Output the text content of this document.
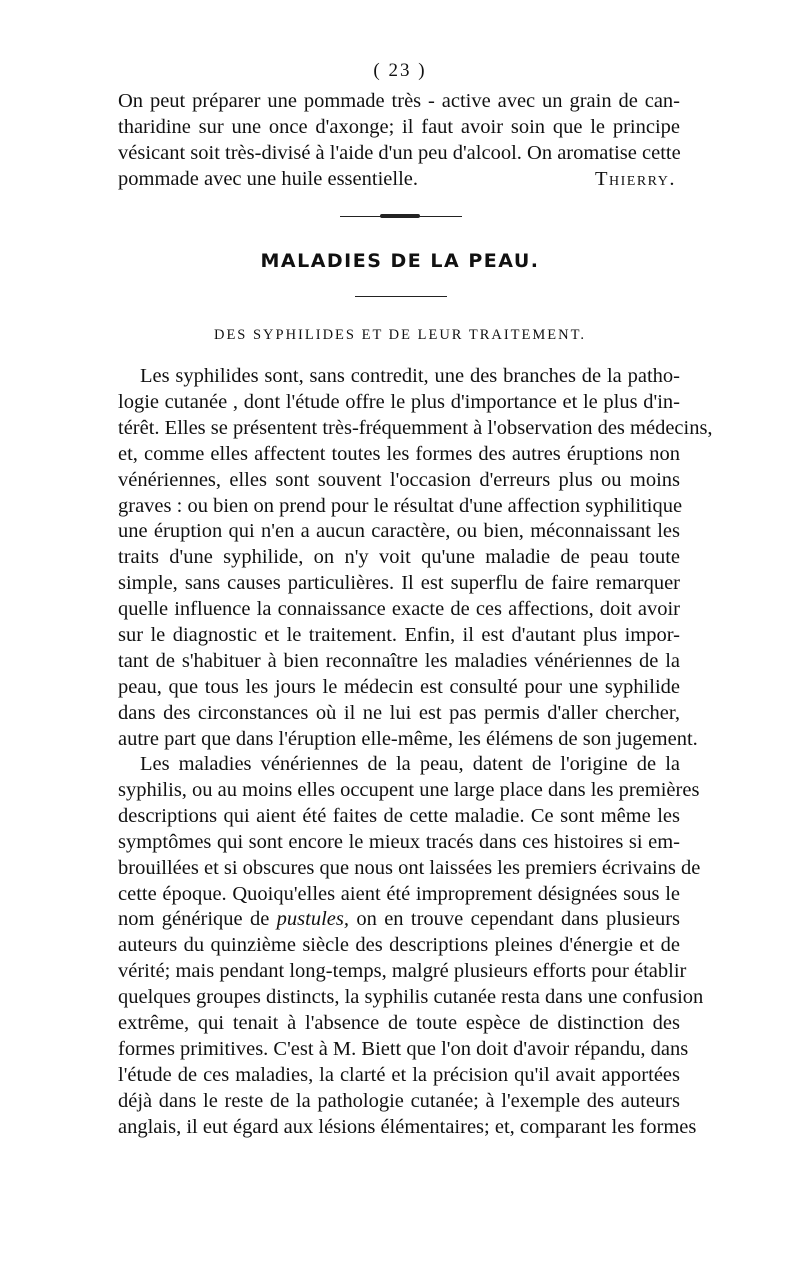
( 23 )
On peut préparer une pommade très - active avec un grain de can-
tharidine sur une once d'axonge; il faut avoir soin que le principe
vésicant soit très-divisé à l'aide d'un peu d'alcool. On aromatise cette
pommade avec une huile essentielle.	Thierry.
MALADIES DE LA PEAU.
DES SYPHILIDES ET DE LEUR TRAITEMENT.
Les syphilides sont, sans contredit, une des branches de la patho-
logie cutanée , dont l'étude offre le plus d'importance et le plus d'in-
térêt. Elles se présentent très-fréquemment à l'observation des médecins,
et, comme elles affectent toutes les formes des autres éruptions non
vénériennes, elles sont souvent l'occasion d'erreurs plus ou moins
graves : ou bien on prend pour le résultat d'une affection syphilitique
une éruption qui n'en a aucun caractère, ou bien, méconnaissant les
traits d'une syphilide, on n'y voit qu'une maladie de peau toute
simple, sans causes particulières. Il est superflu de faire remarquer
quelle influence la connaissance exacte de ces affections, doit avoir
sur le diagnostic et le traitement. Enfin, il est d'autant plus impor-
tant de s'habituer à bien reconnaître les maladies vénériennes de la
peau, que tous les jours le médecin est consulté pour une syphilide
dans des circonstances où il ne lui est pas permis d'aller chercher,
autre part que dans l'éruption elle-même, les élémens de son jugement.
Les maladies vénériennes de la peau, datent de l'origine de la
syphilis, ou au moins elles occupent une large place dans les premières
descriptions qui aient été faites de cette maladie. Ce sont même les
symptômes qui sont encore le mieux tracés dans ces histoires si em-
brouillées et si obscures que nous ont laissées les premiers écrivains de
cette époque. Quoiqu'elles aient été improprement désignées sous le
nom générique de pustules, on en trouve cependant dans plusieurs
auteurs du quinzième siècle des descriptions pleines d'énergie et de
vérité; mais pendant long-temps, malgré plusieurs efforts pour établir
quelques groupes distincts, la syphilis cutanée resta dans une confusion
extrême, qui tenait à l'absence de toute espèce de distinction des
formes primitives. C'est à M. Biett que l'on doit d'avoir répandu, dans
l'étude de ces maladies, la clarté et la précision qu'il avait apportées
déjà dans le reste de la pathologie cutanée; à l'exemple des auteurs
anglais, il eut égard aux lésions élémentaires; et, comparant les formes
